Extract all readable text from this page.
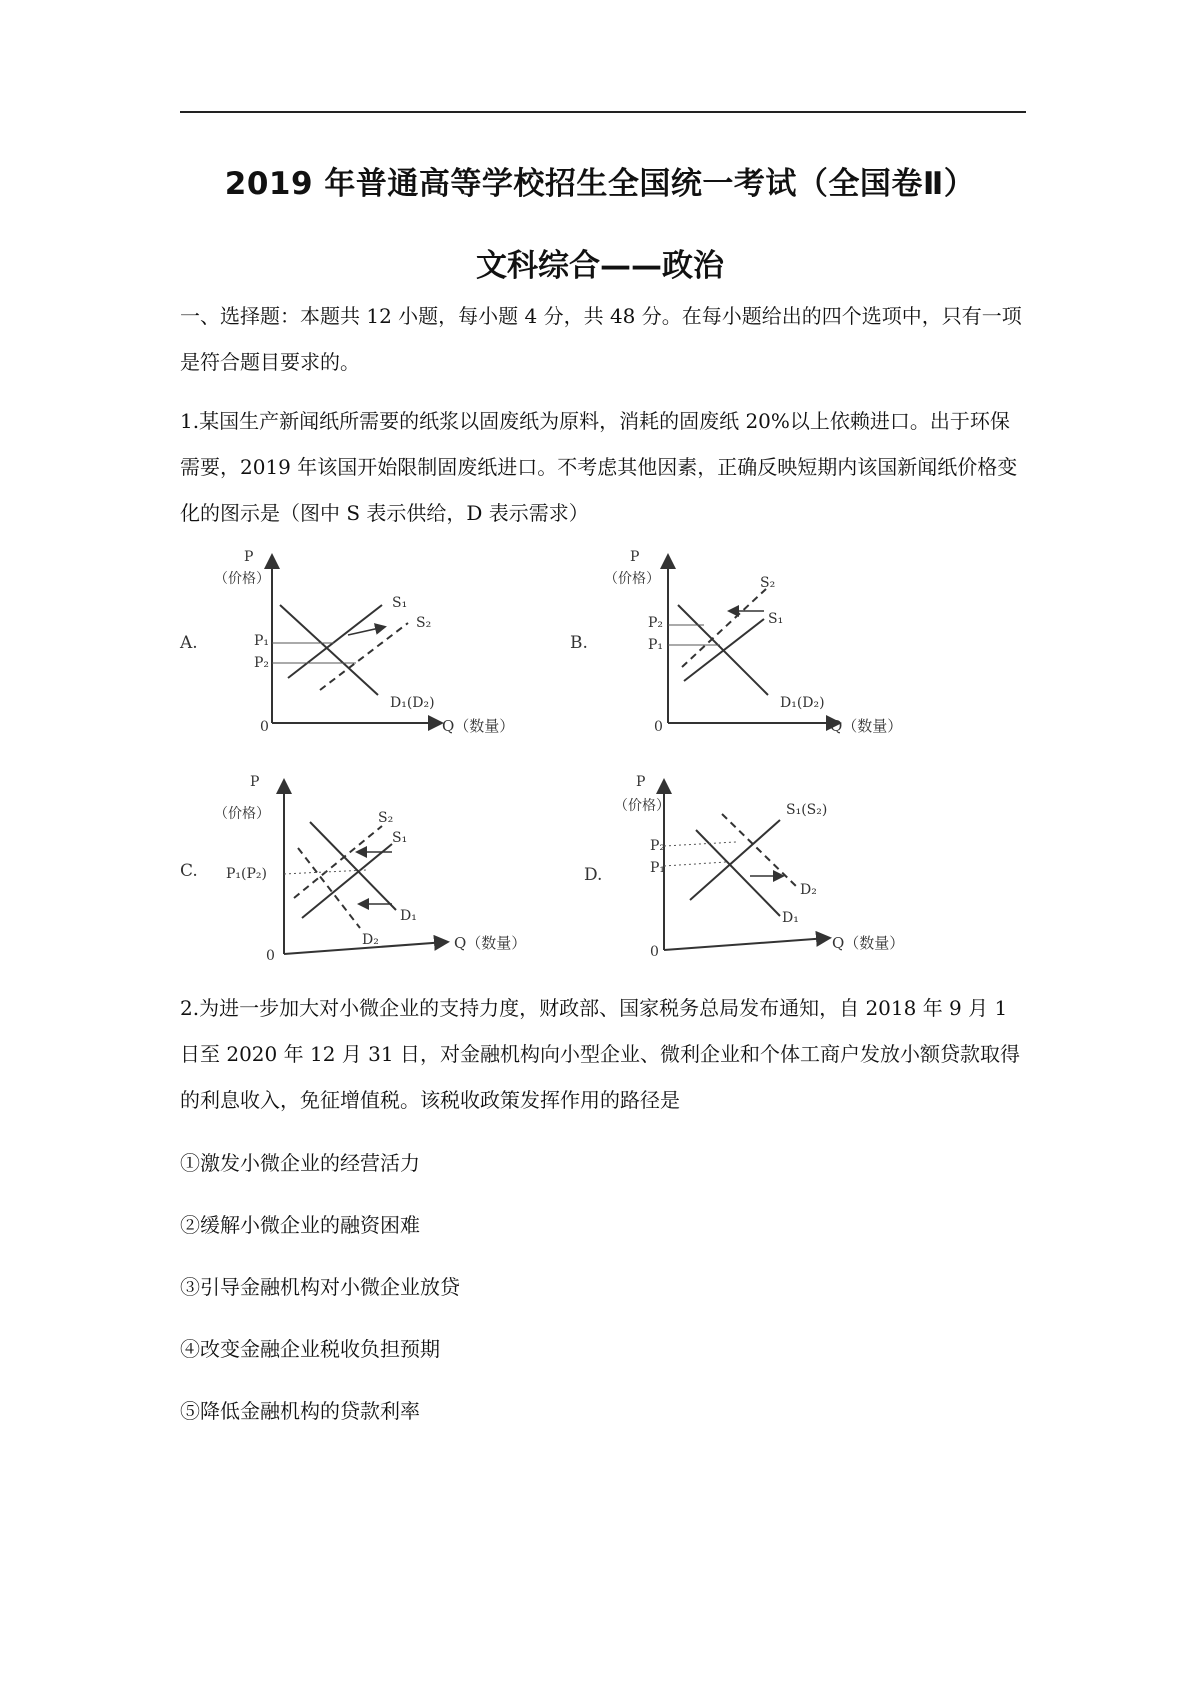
2019 年普通高等学校招生全国统一考试（全国卷Ⅱ）
文科综合——政治
一、选择题：本题共 12 小题，每小题 4 分，共 48 分。在每小题给出的四个选项中，只有一项是符合题目要求的。
1.某国生产新闻纸所需要的纸浆以固废纸为原料，消耗的固废纸 20%以上依赖进口。出于环保需要，2019 年该国开始限制固废纸进口。不考虑其他因素，正确反映短期内该国新闻纸价格变化的图示是（图中 S 表示供给，D 表示需求）
A.
P
（价格）
0	Q（数量）
P₁
P₂
S₁
S₂
D₁(D₂)
B.
P
（价格）
0	Q（数量）
P₂
P₁
S₂
S₁
D₁(D₂)
C.
P
（价格）
0
Q（数量）
P₁(P₂)
S₂
S₁
D₁
D₂
D.
P
（价格）
0	Q（数量）
P₂
P₁
S₁(S₂)
D₂
D₁
2.为进一步加大对小微企业的支持力度，财政部、国家税务总局发布通知，自 2018 年 9 月 1 日至 2020 年 12 月 31 日，对金融机构向小型企业、微利企业和个体工商户发放小额贷款取得的利息收入，免征增值税。该税收政策发挥作用的路径是
①激发小微企业的经营活力
②缓解小微企业的融资困难
③引导金融机构对小微企业放贷
④改变金融企业税收负担预期
⑤降低金融机构的贷款利率
